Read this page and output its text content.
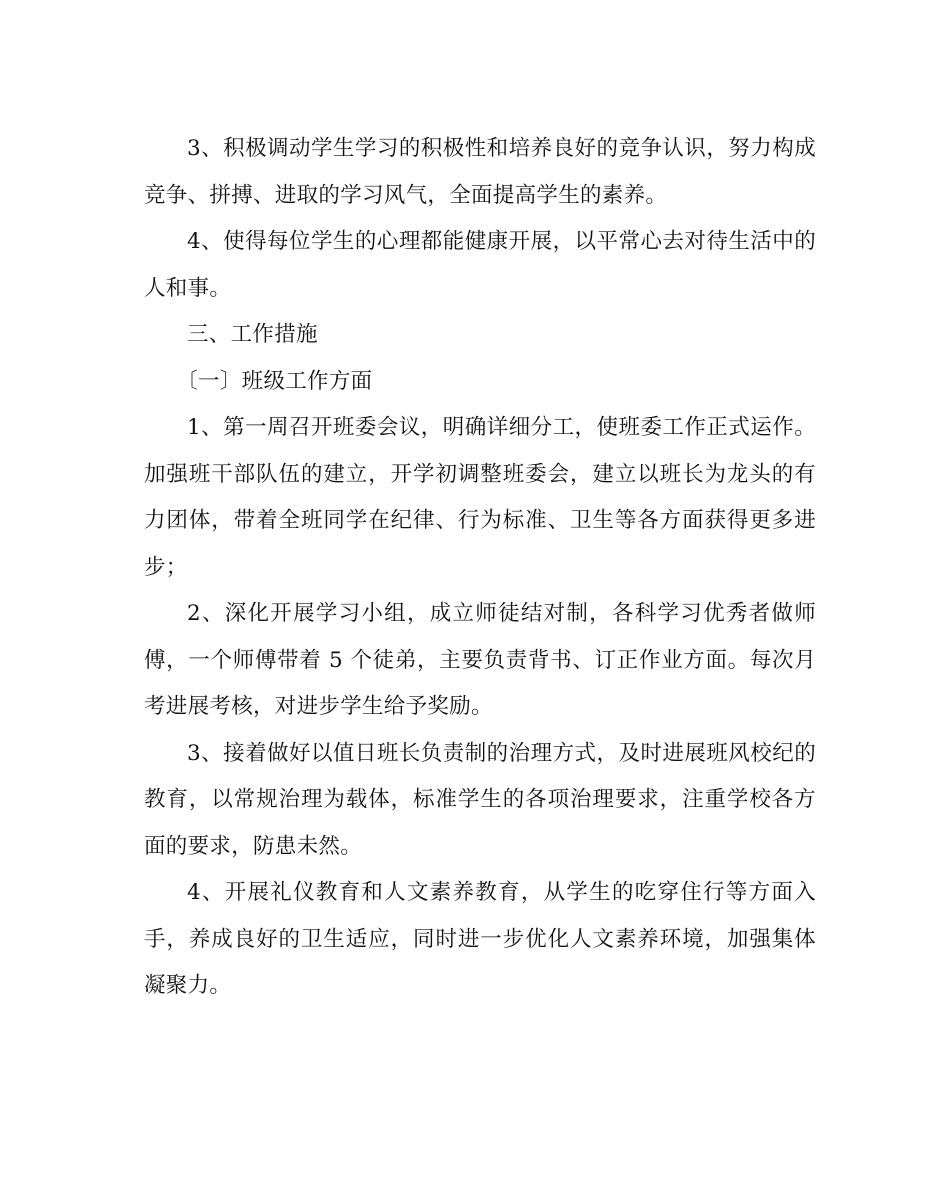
3、积极调动学生学习的积极性和培养良好的竞争认识，努力构成竞争、拼搏、进取的学习风气，全面提高学生的素养。

4、使得每位学生的心理都能健康开展，以平常心去对待生活中的人和事。

三、工作措施

〔一〕班级工作方面

1、第一周召开班委会议，明确详细分工，使班委工作正式运作。加强班干部队伍的建立，开学初调整班委会，建立以班长为龙头的有力团体，带着全班同学在纪律、行为标准、卫生等各方面获得更多进步；

2、深化开展学习小组，成立师徒结对制，各科学习优秀者做师傅，一个师傅带着 5 个徒弟，主要负责背书、订正作业方面。每次月考进展考核，对进步学生给予奖励。

3、接着做好以值日班长负责制的治理方式，及时进展班风校纪的教育，以常规治理为载体，标准学生的各项治理要求，注重学校各方面的要求，防患未然。

4、开展礼仪教育和人文素养教育，从学生的吃穿住行等方面入手，养成良好的卫生适应，同时进一步优化人文素养环境，加强集体凝聚力。
